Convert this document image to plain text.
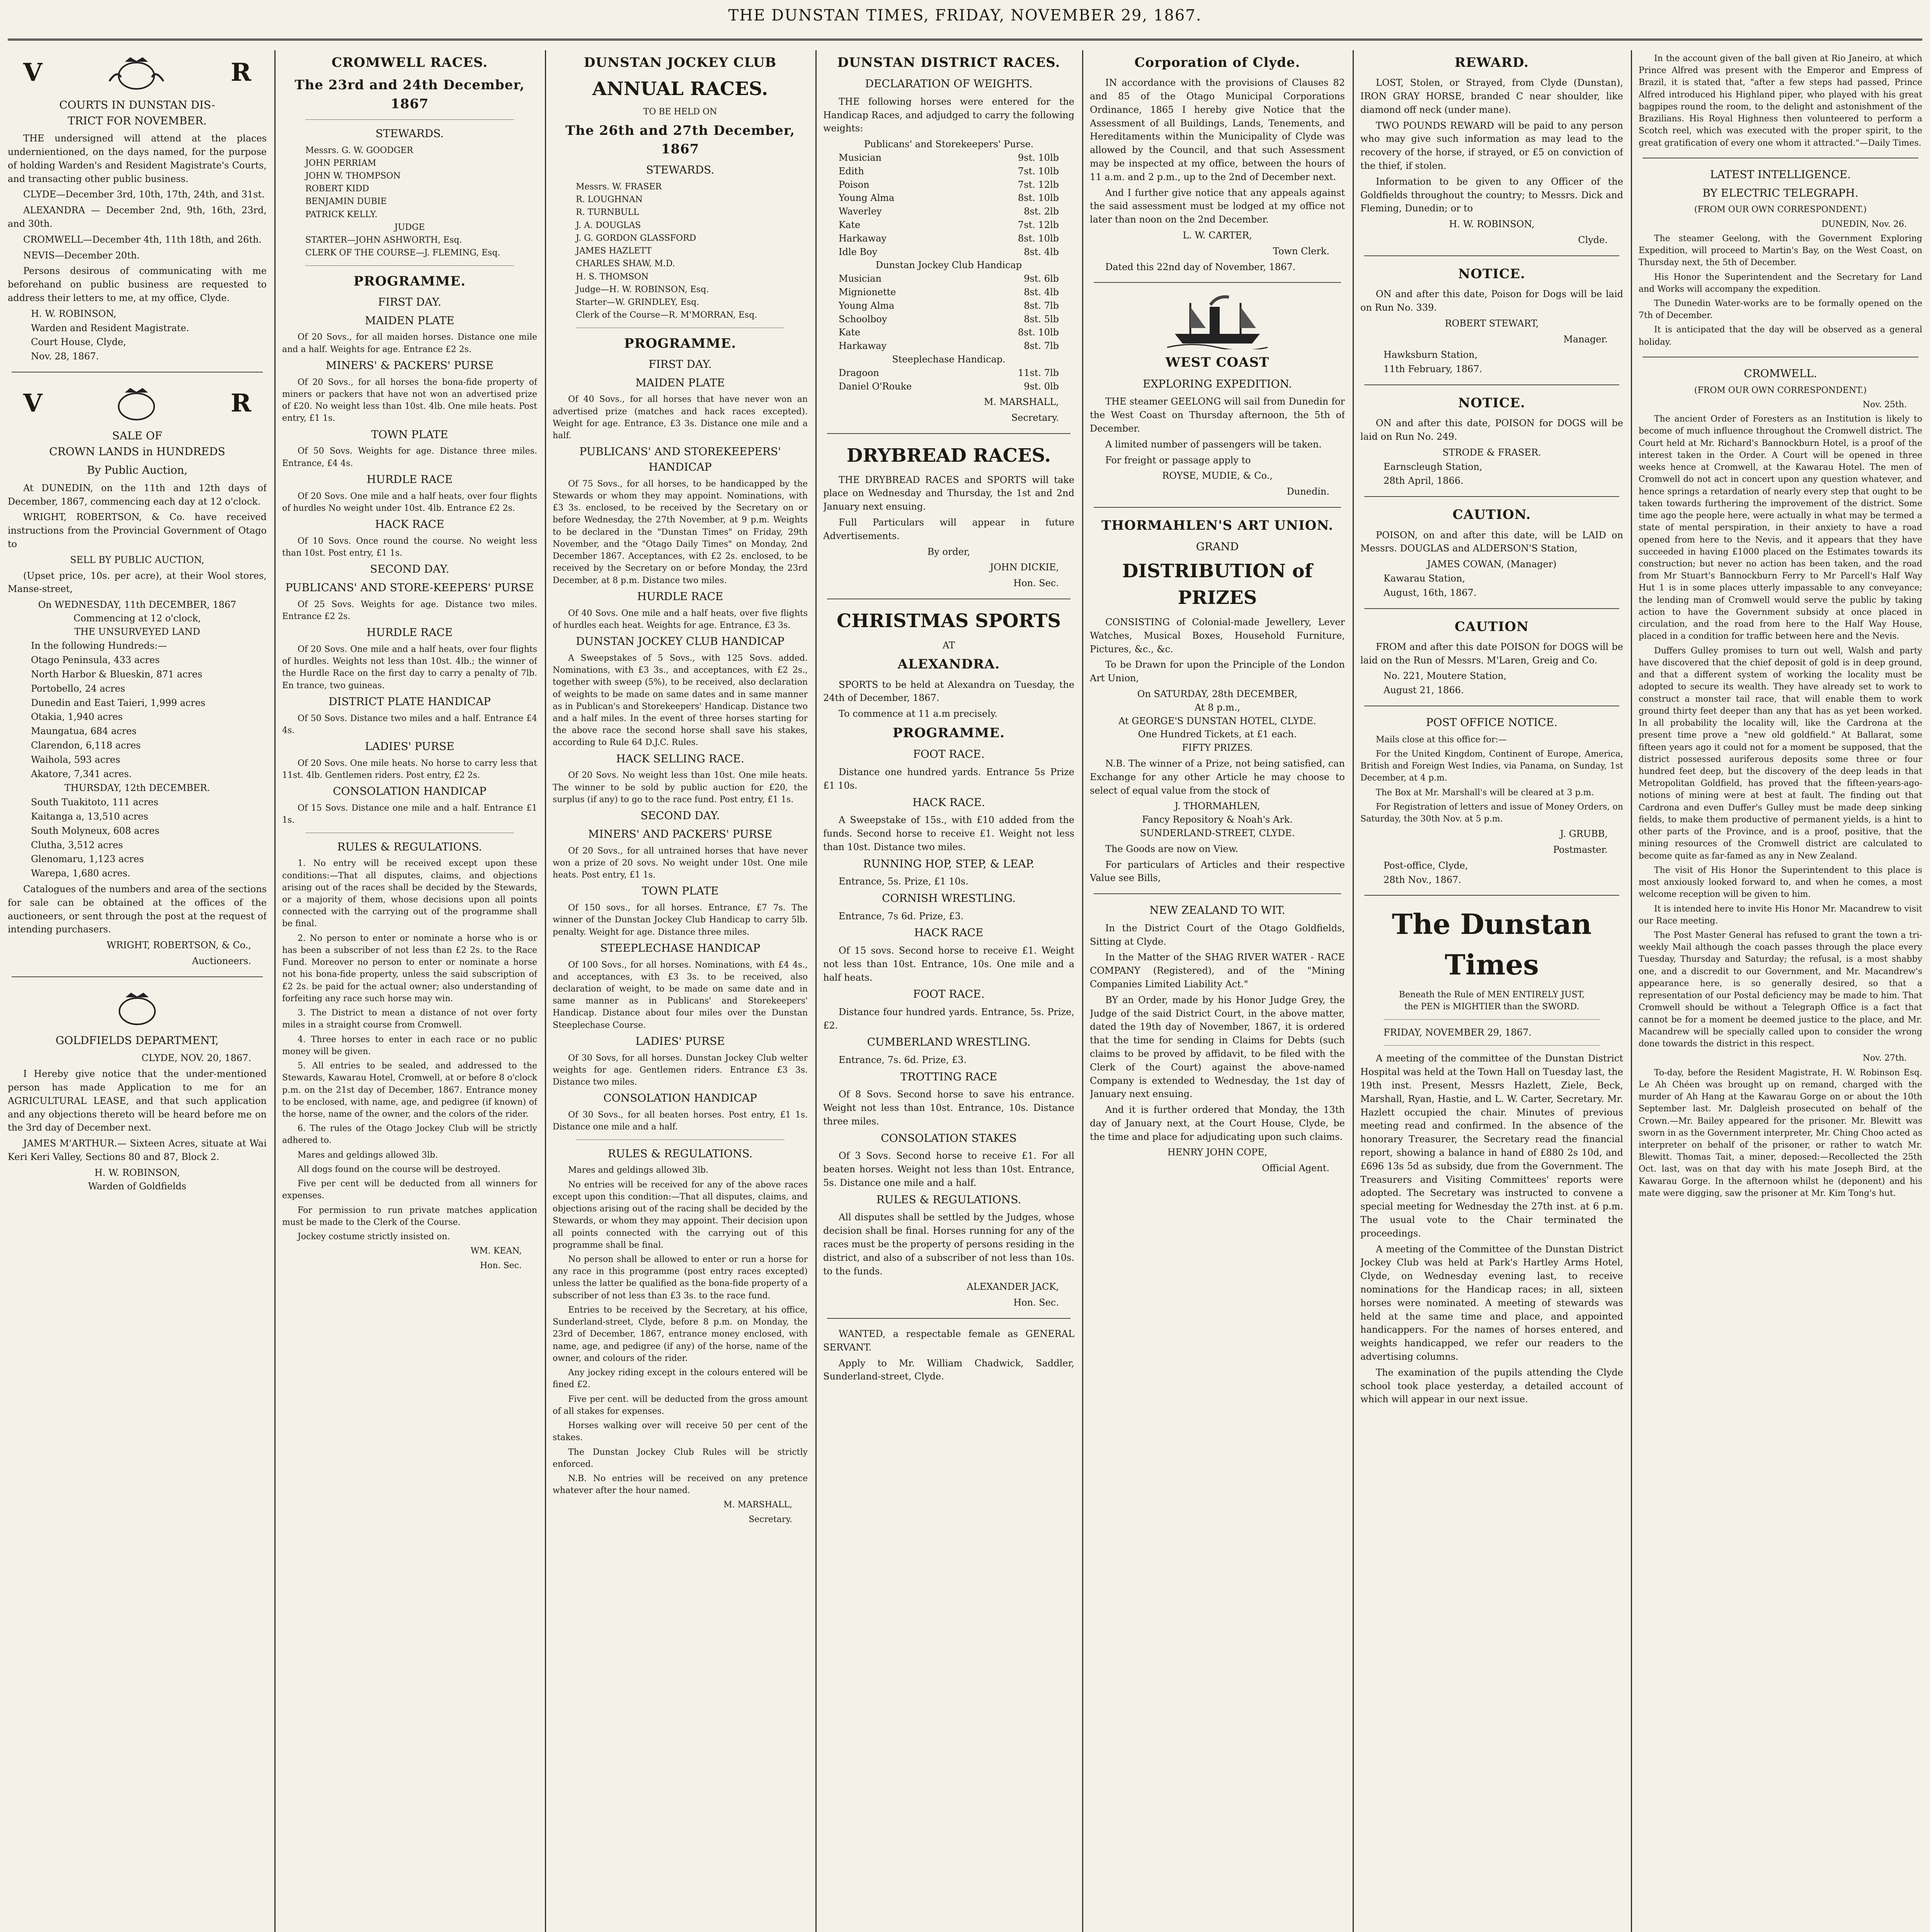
THE DUNSTAN TIMES, FRIDAY, NOVEMBER 29, 1867.
V	R
COURTS IN DUNSTAN DIS-
TRICT FOR NOVEMBER.
THE undersigned will attend at the places undernientioned, on the days named, for the purpose of holding Warden's and Resident Magistrate's Courts, and transacting other public business.
CLYDE—December 3rd, 10th, 17th, 24th, and 31st.
ALEXANDRA — December 2nd, 9th, 16th, 23rd, and 30th.
CROMWELL—December 4th, 11th 18th, and 26th.
NEVIS—December 20th.
Persons desirous of communicating with me beforehand on public business are requested to address their letters to me, at my office, Clyde.
H. W. ROBINSON,
Warden and Resident Magistrate.
Court House, Clyde,
Nov. 28, 1867.
V	R
SALE OF
CROWN LANDS in HUNDREDS
By Public Auction,
At DUNEDIN, on the 11th and 12th days of December, 1867, commencing each day at 12 o'clock.
WRIGHT, ROBERTSON, & Co. have received instructions from the Provincial Government of Otago to
SELL BY PUBLIC AUCTION,
(Upset price, 10s. per acre), at their Wool stores, Manse-street,
On WEDNESDAY, 11th DECEMBER, 1867
Commencing at 12 o'clock,
THE UNSURVEYED LAND
In the following Hundreds:—
Otago Peninsula, 433 acres
North Harbor & Blueskin, 871 acres
Portobello, 24 acres
Dunedin and East Taieri, 1,999 acres
Otakia, 1,940 acres
Maungatua, 684 acres
Clarendon, 6,118 acres
Waihola, 593 acres
Akatore, 7,341 acres.
THURSDAY, 12th DECEMBER.
South Tuakitoto, 111 acres
Kaitanga a, 13,510 acres
South Molyneux, 608 acres
Clutha, 3,512 acres
Glenomaru, 1,123 acres
Warepa, 1,680 acres.
Catalogues of the numbers and area of the sections for sale can be obtained at the offices of the auctioneers, or sent through the post at the request of intending purchasers.
WRIGHT, ROBERTSON, & Co.,
Auctioneers.
GOLDFIELDS DEPARTMENT,
CLYDE, NOV. 20, 1867.
I Hereby give notice that the under-mentioned person has made Application to me for an AGRICULTURAL LEASE, and that such application and any objections thereto will be heard before me on the 3rd day of December next.
JAMES M'ARTHUR.— Sixteen Acres, situate at Wai Keri Keri Valley, Sections 80 and 87, Block 2.
H. W. ROBINSON,
Warden of Goldfields
CROMWELL RACES.
The 23rd and 24th December, 1867
STEWARDS.
Messrs. G. W. GOODGER
JOHN PERRIAM
JOHN W. THOMPSON
ROBERT KIDD
BENJAMIN DUBIE
PATRICK KELLY.
JUDGE
STARTER—JOHN ASHWORTH, Esq.
CLERK OF THE COURSE—J. FLEMING, Esq.
PROGRAMME.
FIRST DAY.
MAIDEN PLATE
Of 20 Sovs., for all maiden horses. Distance one mile and a half. Weights for age. Entrance £2 2s.
MINERS' & PACKERS' PURSE
Of 20 Sovs., for all horses the bona-fide property of miners or packers that have not won an advertised prize of £20. No weight less than 10st. 4lb. One mile heats. Post entry, £1 1s.
TOWN PLATE
Of 50 Sovs. Weights for age. Distance three miles. Entrance, £4 4s.
HURDLE RACE
Of 20 Sovs. One mile and a half heats, over four flights of hurdles No weight under 10st. 4lb. Entrance £2 2s.
HACK RACE
Of 10 Sovs. Once round the course. No weight less than 10st. Post entry, £1 1s.
SECOND DAY.
PUBLICANS' AND STORE-KEEPERS' PURSE
Of 25 Sovs. Weights for age. Distance two miles. Entrance £2 2s.
HURDLE RACE
Of 20 Sovs. One mile and a half heats, over four flights of hurdles. Weights not less than 10st. 4lb.; the winner of the Hurdle Race on the first day to carry a penalty of 7lb. En trance, two guineas.
DISTRICT PLATE HANDICAP
Of 50 Sovs. Distance two miles and a half. Entrance £4 4s.
LADIES' PURSE
Of 20 Sovs. One mile heats. No horse to carry less that 11st. 4lb. Gentlemen riders. Post entry, £2 2s.
CONSOLATION HANDICAP
Of 15 Sovs. Distance one mile and a half. Entrance £1 1s.
RULES & REGULATIONS.
1. No entry will be received except upon these conditions:—That all disputes, claims, and objections arising out of the races shall be decided by the Stewards, or a majority of them, whose decisions upon all points connected with the carrying out of the programme shall be final.
2. No person to enter or nominate a horse who is or has been a subscriber of not less than £2 2s. to the Race Fund. Moreover no person to enter or nominate a horse not his bona-fide property, unless the said subscription of £2 2s. be paid for the actual owner; also understanding of forfeiting any race such horse may win.
3. The District to mean a distance of not over forty miles in a straight course from Cromwell.
4. Three horses to enter in each race or no public money will be given.
5. All entries to be sealed, and addressed to the Stewards, Kawarau Hotel, Cromwell, at or before 8 o'clock p.m. on the 21st day of December, 1867. Entrance money to be enclosed, with name, age, and pedigree (if known) of the horse, name of the owner, and the colors of the rider.
6. The rules of the Otago Jockey Club will be strictly adhered to.
Mares and geldings allowed 3lb.
All dogs found on the course will be destroyed.
Five per cent will be deducted from all winners for expenses.
For permission to run private matches application must be made to the Clerk of the Course.
Jockey costume strictly insisted on.
WM. KEAN,
Hon. Sec.
DUNSTAN JOCKEY CLUB
ANNUAL RACES.
TO BE HELD ON
The 26th and 27th December, 1867
STEWARDS.
Messrs. W. FRASER
R. LOUGHNAN
R. TURNBULL
J. A. DOUGLAS
J. G. GORDON GLASSFORD
JAMES HAZLETT
CHARLES SHAW, M.D.
H. S. THOMSON
Judge—H. W. ROBINSON, Esq.
Starter—W. GRINDLEY, Esq.
Clerk of the Course—R. M'MORRAN, Esq.
PROGRAMME.
FIRST DAY.
MAIDEN PLATE
Of 40 Sovs., for all horses that have never won an advertised prize (matches and hack races excepted). Weight for age. Entrance, £3 3s. Distance one mile and a half.
PUBLICANS' AND STOREKEEPERS' HANDICAP
Of 75 Sovs., for all horses, to be handicapped by the Stewards or whom they may appoint. Nominations, with £3 3s. enclosed, to be received by the Secretary on or before Wednesday, the 27th November, at 9 p.m. Weights to be declared in the "Dunstan Times" on Friday, 29th November, and the "Otago Daily Times" on Monday, 2nd December 1867. Acceptances, with £2 2s. enclosed, to be received by the Secretary on or before Monday, the 23rd December, at 8 p.m. Distance two miles.
HURDLE RACE
Of 40 Sovs. One mile and a half heats, over five flights of hurdles each heat. Weights for age. Entrance, £3 3s.
DUNSTAN JOCKEY CLUB HANDICAP
A Sweepstakes of 5 Sovs., with 125 Sovs. added. Nominations, with £3 3s., and acceptances, with £2 2s., together with sweep (5%), to be received, also declaration of weights to be made on same dates and in same manner as in Publican's and Storekeepers' Handicap. Distance two and a half miles. In the event of three horses starting for the above race the second horse shall save his stakes, according to Rule 64 D.J.C. Rules.
HACK SELLING RACE.
Of 20 Sovs. No weight less than 10st. One mile heats. The winner to be sold by public auction for £20, the surplus (if any) to go to the race fund. Post entry, £1 1s.
SECOND DAY.
MINERS' AND PACKERS' PURSE
Of 20 Sovs., for all untrained horses that have never won a prize of 20 sovs. No weight under 10st. One mile heats. Post entry, £1 1s.
TOWN PLATE
Of 150 sovs., for all horses. Entrance, £7 7s. The winner of the Dunstan Jockey Club Handicap to carry 5lb. penalty. Weight for age. Distance three miles.
STEEPLECHASE HANDICAP
Of 100 Sovs., for all horses. Nominations, with £4 4s., and acceptances, with £3 3s. to be received, also declaration of weight, to be made on same date and in same manner as in Publicans' and Storekeepers' Handicap. Distance about four miles over the Dunstan Steeplechase Course.
LADIES' PURSE
Of 30 Sovs, for all horses. Dunstan Jockey Club welter weights for age. Gentlemen riders. Entrance £3 3s. Distance two miles.
CONSOLATION HANDICAP
Of 30 Sovs., for all beaten horses. Post entry, £1 1s. Distance one mile and a half.
RULES & REGULATIONS.
Mares and geldings allowed 3lb.
No entries will be received for any of the above races except upon this condition:—That all disputes, claims, and objections arising out of the racing shall be decided by the Stewards, or whom they may appoint. Their decision upon all points connected with the carrying out of this programme shall be final.
No person shall be allowed to enter or run a horse for any race in this programme (post entry races excepted) unless the latter be qualified as the bona-fide property of a subscriber of not less than £3 3s. to the race fund.
Entries to be received by the Secretary, at his office, Sunderland-street, Clyde, before 8 p.m. on Monday, the 23rd of December, 1867, entrance money enclosed, with name, age, and pedigree (if any) of the horse, name of the owner, and colours of the rider.
Any jockey riding except in the colours entered will be fined £2.
Five per cent. will be deducted from the gross amount of all stakes for expenses.
Horses walking over will receive 50 per cent of the stakes.
The Dunstan Jockey Club Rules will be strictly enforced.
N.B. No entries will be received on any pretence whatever after the hour named.
M. MARSHALL,
Secretary.
DUNSTAN DISTRICT RACES.
DECLARATION OF WEIGHTS.
THE following horses were entered for the Handicap Races, and adjudged to carry the following weights:
Publicans' and Storekeepers' Purse.
Musician	9st. 10lb
Edith	7st. 10lb
Poison	7st. 12lb
Young Alma	8st. 10lb
Waverley	8st. 2lb
Kate	7st. 12lb
Harkaway	8st. 10lb
Idle Boy	8st. 4lb
Dunstan Jockey Club Handicap
Musician	9st. 6lb
Mignionette	8st. 4lb
Young Alma	8st. 7lb
Schoolboy	8st. 5lb
Kate	8st. 10lb
Harkaway	8st. 7lb
Steeplechase Handicap.
Dragoon	11st. 7lb
Daniel O'Rouke	9st. 0lb
M. MARSHALL,
Secretary.
DRYBREAD RACES.
THE DRYBREAD RACES and SPORTS will take place on Wednesday and Thursday, the 1st and 2nd January next ensuing.
Full Particulars will appear in future Advertisements.
By order,
JOHN DICKIE,
Hon. Sec.
CHRISTMAS SPORTS
AT
ALEXANDRA.
SPORTS to be held at Alexandra on Tuesday, the 24th of December, 1867.
To commence at 11 a.m precisely.
PROGRAMME.
FOOT RACE.
Distance one hundred yards. Entrance 5s Prize £1 10s.
HACK RACE.
A Sweepstake of 15s., with £10 added from the funds. Second horse to receive £1. Weight not less than 10st. Distance two miles.
RUNNING HOP, STEP, & LEAP.
Entrance, 5s. Prize, £1 10s.
CORNISH WRESTLING.
Entrance, 7s 6d. Prize, £3.
HACK RACE
Of 15 sovs. Second horse to receive £1. Weight not less than 10st. Entrance, 10s. One mile and a half heats.
FOOT RACE.
Distance four hundred yards. Entrance, 5s. Prize, £2.
CUMBERLAND WRESTLING.
Entrance, 7s. 6d. Prize, £3.
TROTTING RACE
Of 8 Sovs. Second horse to save his entrance. Weight not less than 10st. Entrance, 10s. Distance three miles.
CONSOLATION STAKES
Of 3 Sovs. Second horse to receive £1. For all beaten horses. Weight not less than 10st. Entrance, 5s. Distance one mile and a half.
RULES & REGULATIONS.
All disputes shall be settled by the Judges, whose decision shall be final. Horses running for any of the races must be the property of persons residing in the district, and also of a subscriber of not less than 10s. to the funds.
ALEXANDER JACK,
Hon. Sec.
WANTED, a respectable female as GENERAL SERVANT.
Apply to Mr. William Chadwick, Saddler, Sunderland-street, Clyde.
Corporation of Clyde.
IN accordance with the provisions of Clauses 82 and 85 of the Otago Municipal Corporations Ordinance, 1865 I hereby give Notice that the Assessment of all Buildings, Lands, Tenements, and Hereditaments within the Municipality of Clyde was allowed by the Council, and that such Assessment may be inspected at my office, between the hours of 11 a.m. and 2 p.m., up to the 2nd of December next.
And I further give notice that any appeals against the said assessment must be lodged at my office not later than noon on the 2nd December.
L. W. CARTER,
Town Clerk.
Dated this 22nd day of November, 1867.
WEST COAST
EXPLORING EXPEDITION.
THE steamer GEELONG will sail from Dunedin for the West Coast on Thursday afternoon, the 5th of December.
A limited number of passengers will be taken.
For freight or passage apply to
ROYSE, MUDIE, & Co.,
Dunedin.
THORMAHLEN'S ART UNION.
GRAND
DISTRIBUTION of PRIZES
CONSISTING of Colonial-made Jewellery, Lever Watches, Musical Boxes, Household Furniture, Pictures, &c., &c.
To be Drawn for upon the Principle of the London Art Union,
On SATURDAY, 28th DECEMBER,
At 8 p.m.,
At GEORGE'S DUNSTAN HOTEL, CLYDE.
One Hundred Tickets, at £1 each.
FIFTY PRIZES.
N.B. The winner of a Prize, not being satisfied, can Exchange for any other Article he may choose to select of equal value from the stock of
J. THORMAHLEN,
Fancy Repository & Noah's Ark.
SUNDERLAND-STREET, CLYDE.
The Goods are now on View.
For particulars of Articles and their respective Value see Bills,
NEW ZEALAND TO WIT.
In the District Court of the Otago Goldfields, Sitting at Clyde.
In the Matter of the SHAG RIVER WATER - RACE COMPANY (Registered), and of the "Mining Companies Limited Liability Act."
BY an Order, made by his Honor Judge Grey, the Judge of the said District Court, in the above matter, dated the 19th day of November, 1867, it is ordered that the time for sending in Claims for Debts (such claims to be proved by affidavit, to be filed with the Clerk of the Court) against the above-named Company is extended to Wednesday, the 1st day of January next ensuing.
And it is further ordered that Monday, the 13th day of January next, at the Court House, Clyde, be the time and place for adjudicating upon such claims.
HENRY JOHN COPE,
Official Agent.
REWARD.
LOST, Stolen, or Strayed, from Clyde (Dunstan), IRON GRAY HORSE, branded C near shoulder, like diamond off neck (under mane).
TWO POUNDS REWARD will be paid to any person who may give such information as may lead to the recovery of the horse, if strayed, or £5 on conviction of the thief, if stolen.
Information to be given to any Officer of the Goldfields throughout the country; to Messrs. Dick and Fleming, Dunedin; or to
H. W. ROBINSON,
Clyde.
NOTICE.
ON and after this date, Poison for Dogs will be laid on Run No. 339.
ROBERT STEWART,
Manager.
Hawksburn Station,
11th February, 1867.
NOTICE.
ON and after this date, POISON for DOGS will be laid on Run No. 249.
STRODE & FRASER.
Earnscleugh Station,
28th April, 1866.
CAUTION.
POISON, on and after this date, will be LAID on Messrs. DOUGLAS and ALDERSON'S Station,
JAMES COWAN, (Manager)
Kawarau Station,
August, 16th, 1867.
CAUTION
FROM and after this date POISON for DOGS will be laid on the Run of Messrs. M'Laren, Greig and Co.
No. 221, Moutere Station,
August 21, 1866.
POST OFFICE NOTICE.
Mails close at this office for:—
For the United Kingdom, Continent of Europe, America, British and Foreign West Indies, via Panama, on Sunday, 1st December, at 4 p.m.
The Box at Mr. Marshall's will be cleared at 3 p.m.
For Registration of letters and issue of Money Orders, on Saturday, the 30th Nov. at 5 p.m.
J. GRUBB,
Postmaster.
Post-office, Clyde,
28th Nov., 1867.
The Dunstan Times
Beneath the Rule of MEN ENTIRELY JUST,
the PEN is MIGHTIER than the SWORD.
FRIDAY, NOVEMBER 29, 1867.
A meeting of the committee of the Dunstan District Hospital was held at the Town Hall on Tuesday last, the 19th inst. Present, Messrs Hazlett, Ziele, Beck, Marshall, Ryan, Hastie, and L. W. Carter, Secretary. Mr. Hazlett occupied the chair. Minutes of previous meeting read and confirmed. In the absence of the honorary Treasurer, the Secretary read the financial report, showing a balance in hand of £880 2s 10d, and £696 13s 5d as subsidy, due from the Government. The Treasurers and Visiting Committees' reports were adopted. The Secretary was instructed to convene a special meeting for Wednesday the 27th inst. at 6 p.m. The usual vote to the Chair terminated the proceedings.
A meeting of the Committee of the Dunstan District Jockey Club was held at Park's Hartley Arms Hotel, Clyde, on Wednesday evening last, to receive nominations for the Handicap races; in all, sixteen horses were nominated. A meeting of stewards was held at the same time and place, and appointed handicappers. For the names of horses entered, and weights handicapped, we refer our readers to the advertising columns.
The examination of the pupils attending the Clyde school took place yesterday, a detailed account of which will appear in our next issue.
In the account given of the ball given at Rio Janeiro, at which Prince Alfred was present with the Emperor and Empress of Brazil, it is stated that, "after a few steps had passed, Prince Alfred introduced his Highland piper, who played with his great bagpipes round the room, to the delight and astonishment of the Brazilians. His Royal Highness then volunteered to perform a Scotch reel, which was executed with the proper spirit, to the great gratification of every one whom it attracted."—Daily Times.
LATEST INTELLIGENCE.
BY ELECTRIC TELEGRAPH.
(FROM OUR OWN CORRESPONDENT.)
DUNEDIN, Nov. 26.
The steamer Geelong, with the Government Exploring Expedition, will proceed to Martin's Bay, on the West Coast, on Thursday next, the 5th of December.
His Honor the Superintendent and the Secretary for Land and Works will accompany the expedition.
The Dunedin Water-works are to be formally opened on the 7th of December.
It is anticipated that the day will be observed as a general holiday.
CROMWELL.
(FROM OUR OWN CORRESPONDENT.)
Nov. 25th.
The ancient Order of Foresters as an Institution is likely to become of much influence throughout the Cromwell district. The Court held at Mr. Richard's Bannockburn Hotel, is a proof of the interest taken in the Order. A Court will be opened in three weeks hence at Cromwell, at the Kawarau Hotel. The men of Cromwell do not act in concert upon any question whatever, and hence springs a retardation of nearly every step that ought to be taken towards furthering the improvement of the district. Some time ago the people here, were actually in what may be termed a state of mental perspiration, in their anxiety to have a road opened from here to the Nevis, and it appears that they have succeeded in having £1000 placed on the Estimates towards its construction; but never no action has been taken, and the road from Mr Stuart's Bannockburn Ferry to Mr Parcell's Half Way Hut 1 is in some places utterly impassable to any conveyance; the lending man of Cromwell would serve the public by taking action to have the Government subsidy at once placed in circulation, and the road from here to the Half Way House, placed in a condition for traffic between here and the Nevis.
Duffers Gulley promises to turn out well, Walsh and party have discovered that the chief deposit of gold is in deep ground, and that a different system of working the locality must be adopted to secure its wealth. They have already set to work to construct a monster tail race, that will enable them to work ground thirty feet deeper than any that has as yet been worked. In all probability the locality will, like the Cardrona at the present time prove a "new old goldfield." At Ballarat, some fifteen years ago it could not for a moment be supposed, that the district possessed auriferous deposits some three or four hundred feet deep, but the discovery of the deep leads in that Metropolitan Goldfield, has proved that the fifteen-years-ago-notions of mining were at best at fault. The finding out that Cardrona and even Duffer's Gulley must be made deep sinking fields, to make them productive of permanent yields, is a hint to other parts of the Province, and is a proof, positive, that the mining resources of the Cromwell district are calculated to become quite as far-famed as any in New Zealand.
The visit of His Honor the Superintendent to this place is most anxiously looked forward to, and when he comes, a most welcome reception will be given to him.
It is intended here to invite His Honor Mr. Macandrew to visit our Race meeting.
The Post Master General has refused to grant the town a tri-weekly Mail although the coach passes through the place every Tuesday, Thursday and Saturday; the refusal, is a most shabby one, and a discredit to our Government, and Mr. Macandrew's appearance here, is so generally desired, so that a representation of our Postal deficiency may be made to him. That Cromwell should be without a Telegraph Office is a fact that cannot be for a moment be deemed justice to the place, and Mr. Macandrew will be specially called upon to consider the wrong done towards the district in this respect.
Nov. 27th.
To-day, before the Resident Magistrate, H. W. Robinson Esq. Le Ah Chéen was brought up on remand, charged with the murder of Ah Hang at the Kawarau Gorge on or about the 10th September last. Mr. Dalgleish prosecuted on behalf of the Crown.—Mr. Bailey appeared for the prisoner. Mr. Blewitt was sworn in as the Government interpreter, Mr. Ching Choo acted as interpreter on behalf of the prisoner, or rather to watch Mr. Blewitt. Thomas Tait, a miner, deposed:—Recollected the 25th Oct. last, was on that day with his mate Joseph Bird, at the Kawarau Gorge. In the afternoon whilst he (deponent) and his mate were digging, saw the prisoner at Mr. Kim Tong's hut.
